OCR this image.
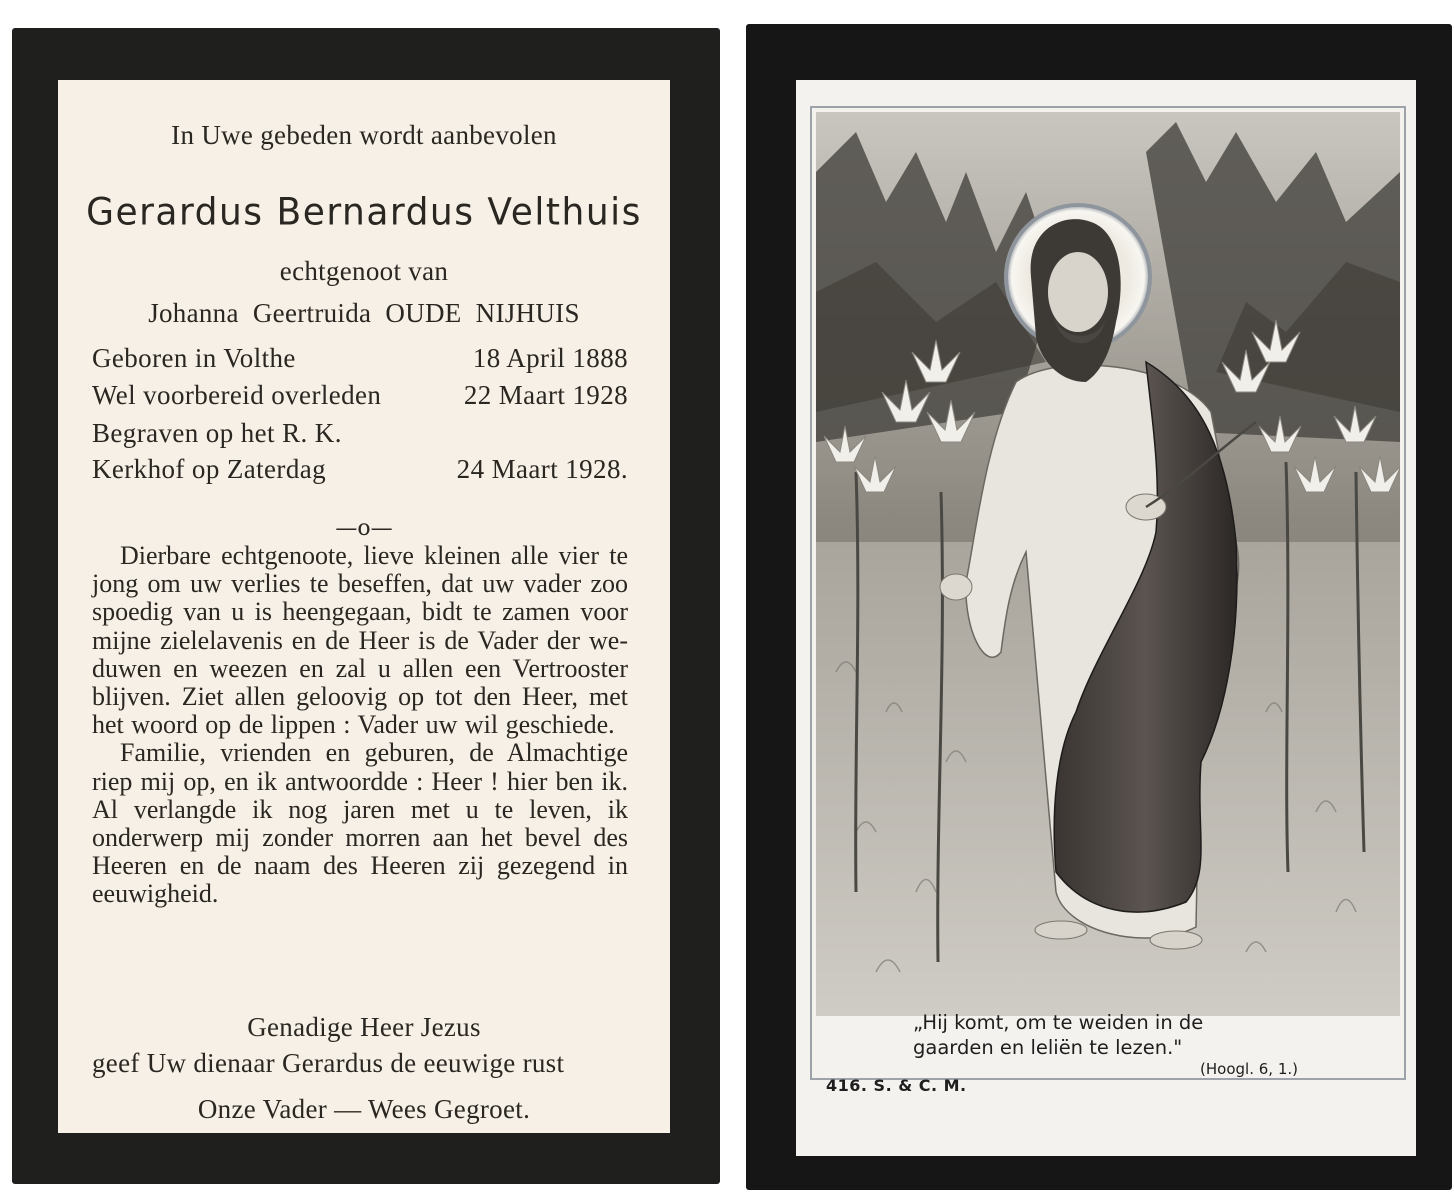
In Uwe gebeden wordt aanbevolen

Gerardus Bernardus Velthuis

echtgenoot van

Johanna  Geertruida  OUDE  NIJHUIS

Geboren in Volthe	18 April 1888
Wel voorbereid overleden	22 Maart 1928
Begraven op het R. K.
Kerkhof op Zaterdag	24 Maart 1928.

—o—

Dierbare echtgenoote, lieve kleinen alle vier te jong om uw verlies te beseffen, dat uw vader zoo spoedig van u is heengegaan, bidt te zamen voor mijne zielelavenis en de Heer is de Vader der weduwen en weezen en zal u allen een Vertrooster blijven. Ziet allen geloovig op tot den Heer, met het woord op de lippen : Vader uw wil geschiede.

Familie, vrienden en geburen, de Almachtige riep mij op, en ik antwoordde : Heer ! hier ben ik. Al verlangde ik nog jaren met u te leven, ik onderwerp mij zonder morren aan het bevel des Heeren en de naam des Heeren zij gezegend in eeuwigheid.

Genadige Heer Jezus

geef Uw dienaar Gerardus de eeuwige rust

Onze Vader — Wees Gegroet.

„Hij komt, om te weiden in de
gaarden en leliën te lezen."

(Hoogl. 6, 1.)

416. S. & C. M.
